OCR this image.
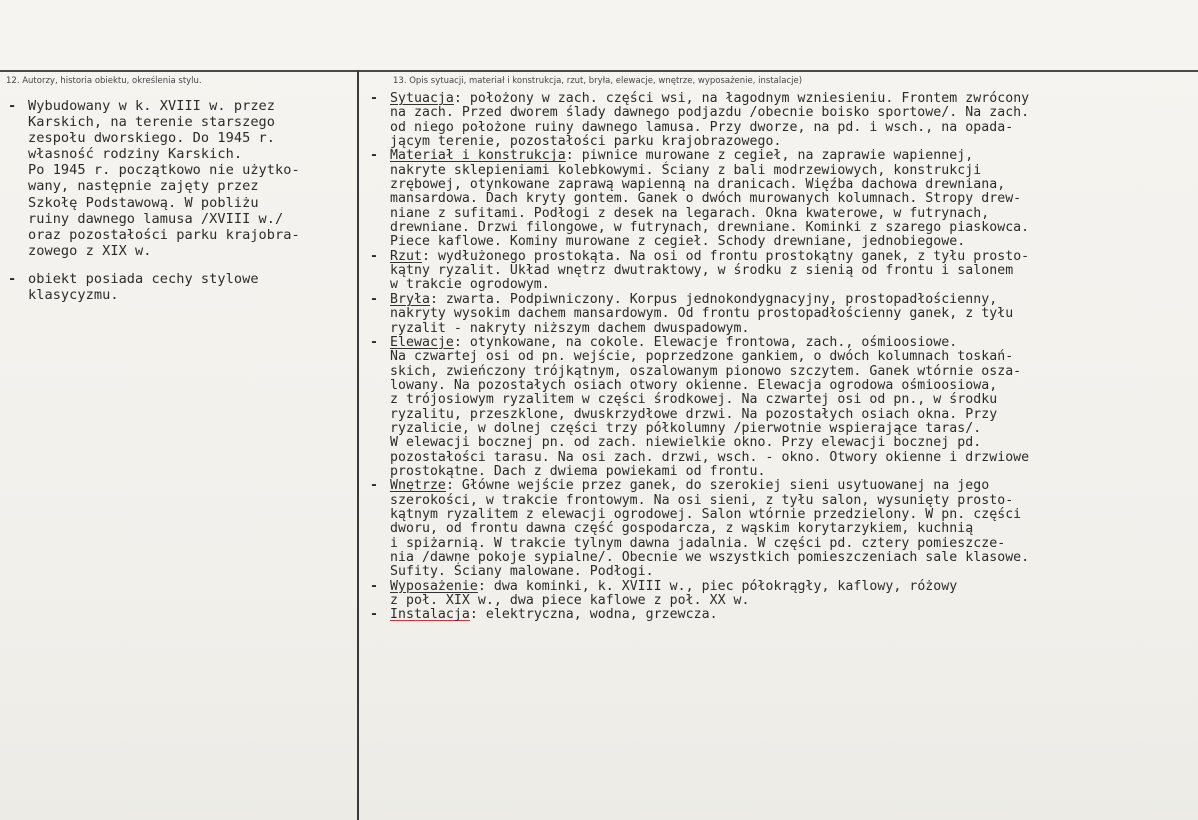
12. Autorzy, historia obiektu, określenia stylu.	13. Opis sytuacji, materiał i konstrukcja, rzut, bryła, elewacje, wnętrze, wyposażenie, instalacje)
- Wybudowany w k. XVIII w. przez
Karskich, na terenie starszego
zespołu dworskiego. Do 1945 r.
własność rodziny Karskich.
Po 1945 r. początkowo nie użytko-
wany, następnie zajęty przez
Szkołę Podstawową. W pobliżu
ruiny dawnego lamusa /XVIII w./
oraz pozostałości parku krajobra-
zowego z XIX w.
- obiekt posiada cechy stylowe
klasycyzmu.
- Sytuacja: położony w zach. części wsi, na łagodnym wzniesieniu. Frontem zwrócony
na zach. Przed dworem ślady dawnego podjazdu /obecnie boisko sportowe/. Na zach.
od niego położone ruiny dawnego lamusa. Przy dworze, na pd. i wsch., na opada-
jącym terenie, pozostałości parku krajobrazowego.
- Materiał i konstrukcja: piwnice murowane z cegieł, na zaprawie wapiennej,
nakryte sklepieniami kolebkowymi. Ściany z bali modrzewiowych, konstrukcji
zrębowej, otynkowane zaprawą wapienną na dranicach. Więźba dachowa drewniana,
mansardowa. Dach kryty gontem. Ganek o dwóch murowanych kolumnach. Stropy drew-
niane z sufitami. Podłogi z desek na legarach. Okna kwaterowe, w futrynach,
drewniane. Drzwi filongowe, w futrynach, drewniane. Kominki z szarego piaskowca.
Piece kaflowe. Kominy murowane z cegieł. Schody drewniane, jednobiegowe.
- Rzut: wydłużonego prostokąta. Na osi od frontu prostokątny ganek, z tyłu prosto-
kątny ryzalit. Układ wnętrz dwutraktowy, w środku z sienią od frontu i salonem
w trakcie ogrodowym.
- Bryła: zwarta. Podpiwniczony. Korpus jednokondygnacyjny, prostopadłościenny,
nakryty wysokim dachem mansardowym. Od frontu prostopadłościenny ganek, z tyłu
ryzalit - nakryty niższym dachem dwuspadowym.
- Elewacje: otynkowane, na cokole. Elewacje frontowa, zach., ośmioosiowe.
Na czwartej osi od pn. wejście, poprzedzone gankiem, o dwóch kolumnach toskań-
skich, zwieńczony trójkątnym, oszalowanym pionowo szczytem. Ganek wtórnie osza-
lowany. Na pozostałych osiach otwory okienne. Elewacja ogrodowa ośmioosiowa,
z trójosiowym ryzalitem w części środkowej. Na czwartej osi od pn., w środku
ryzalitu, przeszklone, dwuskrzydłowe drzwi. Na pozostałych osiach okna. Przy
ryzalicie, w dolnej części trzy półkolumny /pierwotnie wspierające taras/.
W elewacji bocznej pn. od zach. niewielkie okno. Przy elewacji bocznej pd.
pozostałości tarasu. Na osi zach. drzwi, wsch. - okno. Otwory okienne i drzwiowe
prostokątne. Dach z dwiema powiekami od frontu.
- Wnętrze: Główne wejście przez ganek, do szerokiej sieni usytuowanej na jego
szerokości, w trakcie frontowym. Na osi sieni, z tyłu salon, wysunięty prosto-
kątnym ryzalitem z elewacji ogrodowej. Salon wtórnie przedzielony. W pn. części
dworu, od frontu dawna część gospodarcza, z wąskim korytarzykiem, kuchnią
i spiżarnią. W trakcie tylnym dawna jadalnia. W części pd. cztery pomieszcze-
nia /dawne pokoje sypialne/. Obecnie we wszystkich pomieszczeniach sale klasowe.
Sufity. Ściany malowane. Podłogi.
- Wyposażenie: dwa kominki, k. XVIII w., piec półokrągły, kaflowy, różowy
z poł. XIX w., dwa piece kaflowe z poł. XX w.
- Instalacja: elektryczna, wodna, grzewcza.
